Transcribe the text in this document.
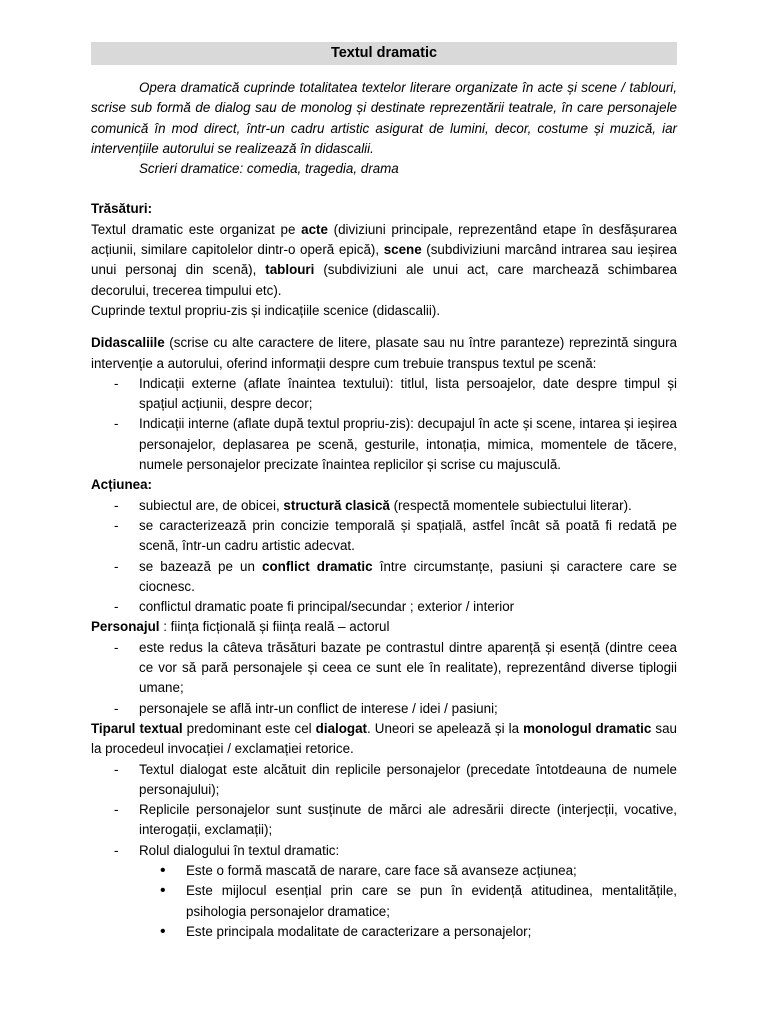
Textul dramatic

Opera dramatică cuprinde totalitatea textelor literare organizate în acte și scene / tablouri, scrise sub formă de dialog sau de monolog și destinate reprezentării teatrale, în care personajele comunică în mod direct, într-un cadru artistic asigurat de lumini, decor, costume și muzică, iar intervențiile autorului se realizează în didascalii.

Scrieri dramatice: comedia, tragedia, drama

Trăsături:

Textul dramatic este organizat pe acte (diviziuni principale, reprezentând etape în desfășurarea acțiunii, similare capitolelor dintr-o operă epică), scene (subdiviziuni marcând intrarea sau ieșirea unui personaj din scenă), tablouri (subdiviziuni ale unui act, care marchează schimbarea decorului, trecerea timpului etc).

Cuprinde textul propriu-zis și indicațiile scenice (didascalii).

Didascaliile (scrise cu alte caractere de litere, plasate sau nu între paranteze) reprezintă singura intervenție a autorului, oferind informații despre cum trebuie transpus textul pe scenă:

- Indicații externe (aflate înaintea textului): titlul, lista persoajelor, date despre timpul și spațiul acțiunii, despre decor;
- Indicații interne (aflate după textul propriu-zis): decupajul în acte și scene, intarea și ieșirea personajelor, deplasarea pe scenă, gesturile, intonația, mimica, momentele de tăcere, numele personajelor precizate înaintea replicilor și scrise cu majusculă.

Acțiunea:

- subiectul are, de obicei, structură clasică (respectă momentele subiectului literar).
- se caracterizează prin concizie temporală și spațială, astfel încât să poată fi redată pe scenă, într-un cadru artistic adecvat.
- se bazează pe un conflict dramatic între circumstanțe, pasiuni și caractere care se ciocnesc.
- conflictul dramatic poate fi principal/secundar ; exterior / interior

Personajul : ființa ficțională și ființa reală – actorul

- este redus la câteva trăsături bazate pe contrastul dintre aparență și esență (dintre ceea ce vor să pară personajele și ceea ce sunt ele în realitate), reprezentând diverse tiplogii umane;
- personajele se află intr-un conflict de interese / idei / pasiuni;

Tiparul textual predominant este cel dialogat. Uneori se apelează și la monologul dramatic sau la procedeul invocației / exclamației retorice.

- Textul dialogat este alcătuit din replicile personajelor (precedate întotdeauna de numele personajului);
- Replicile personajelor sunt susținute de mărci ale adresării directe (interjecții, vocative, interogații, exclamații);
- Rolul dialogului în textul dramatic:
• Este o formă mascată de narare, care face să avanseze acțiunea;
• Este mijlocul esențial prin care se pun în evidență atitudinea, mentalitățile, psihologia personajelor dramatice;
• Este principala modalitate de caracterizare a personajelor;
